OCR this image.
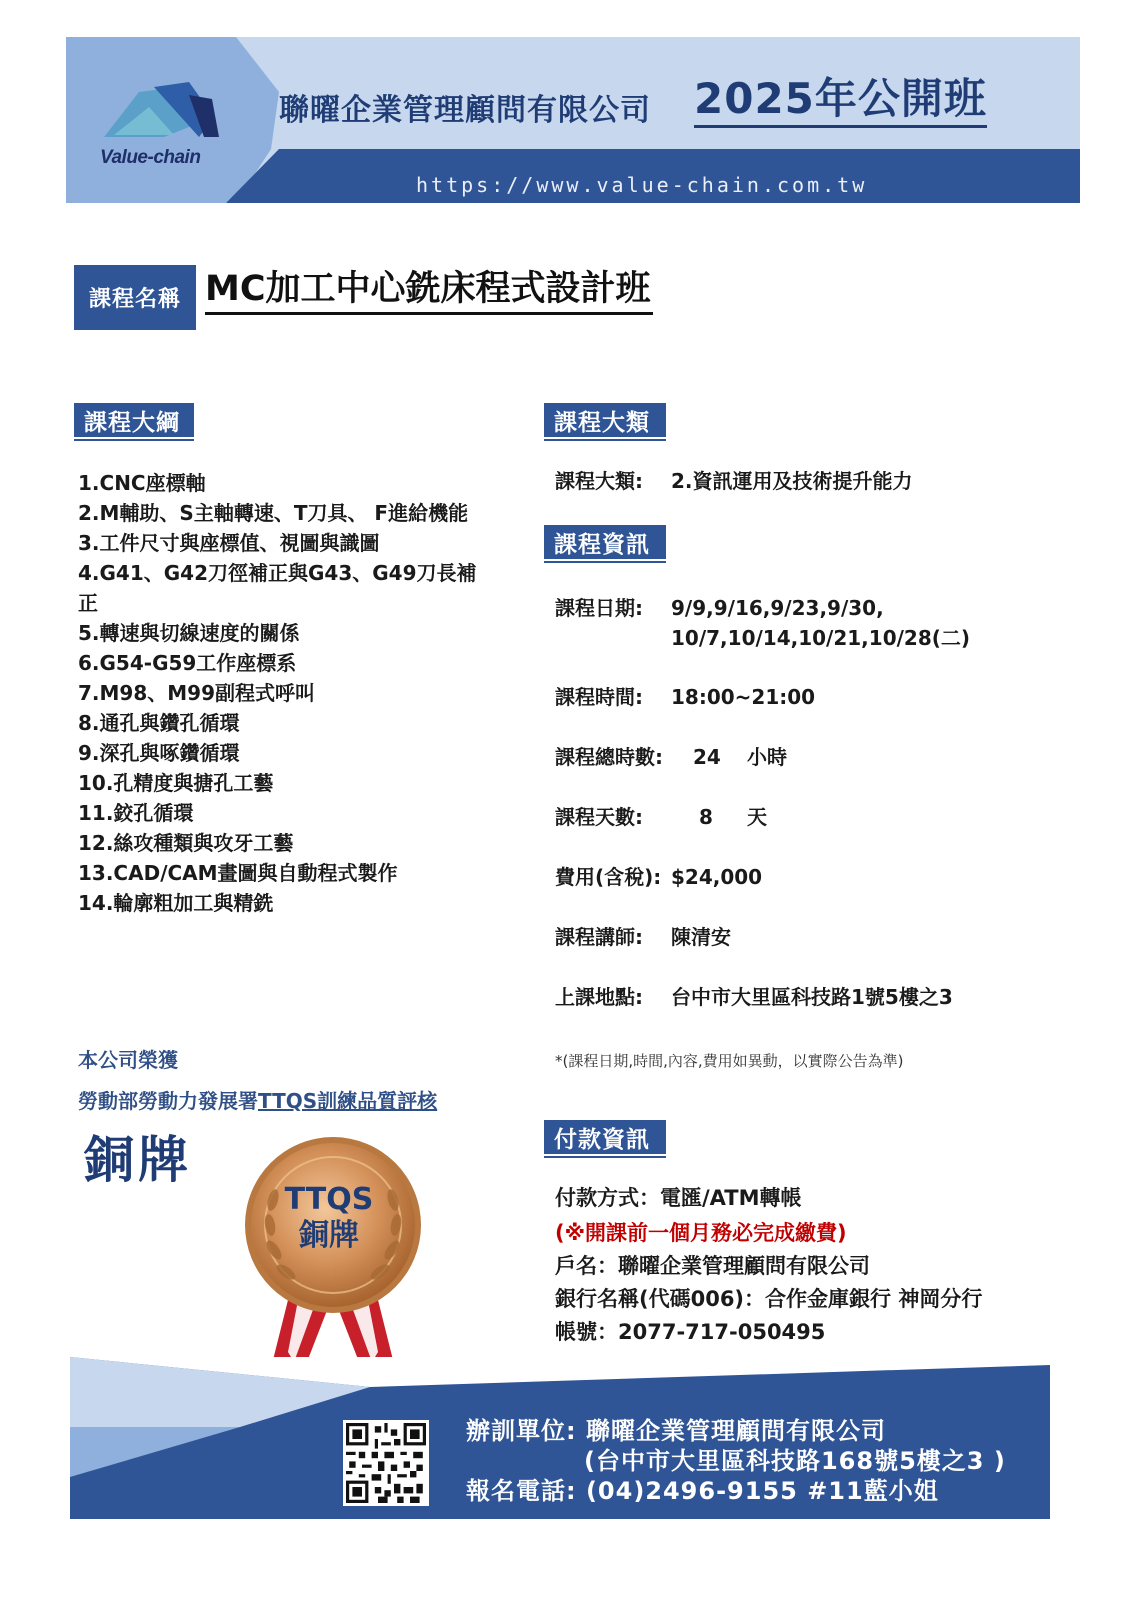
Value-chain
聯曜企業管理顧問有限公司 2025年公開班
https://www.value-chain.com.tw
課程名稱 MC加工中心銑床程式設計班
課程大綱
1.CNC座標軸
2.M輔助、S主軸轉速、T刀具、 F進給機能
3.工件尺寸與座標值、視圖與識圖
4.G41、G42刀徑補正與G43、G49刀長補
正
5.轉速與切線速度的關係
6.G54-G59工作座標系
7.M98、M99副程式呼叫
8.通孔與鑽孔循環
9.深孔與啄鑽循環
10.孔精度與搪孔工藝
11.鉸孔循環
12.絲攻種類與攻牙工藝
13.CAD/CAM畫圖與自動程式製作
14.輪廓粗加工與精銑
課程大類
課程大類: 2.資訊運用及技術提升能力
課程資訊
課程日期: 9/9,9/16,9/23,9/30,
10/7,10/14,10/21,10/28(二)
課程時間: 18:00~21:00
課程總時數: 24 小時
課程天數:	8 天
費用(含稅): $24,000
課程講師: 陳清安
上課地點: 台中市大里區科技路1號5樓之3
*(課程日期,時間,內容,費用如異動，以實際公告為準)
付款資訊
付款方式：電匯/ATM轉帳
(※開課前一個月務必完成繳費)
戶名：聯曜企業管理顧問有限公司
銀行名稱(代碼006)：合作金庫銀行 神岡分行
帳號：2077-717-050495
本公司榮獲
勞動部勞動力發展署TTQS訓練品質評核
銅牌
TTQS
銅牌
辦訓單位: 聯曜企業管理顧問有限公司
(台中市大里區科技路168號5樓之3 )
報名電話: (04)2496-9155 #11藍小姐
